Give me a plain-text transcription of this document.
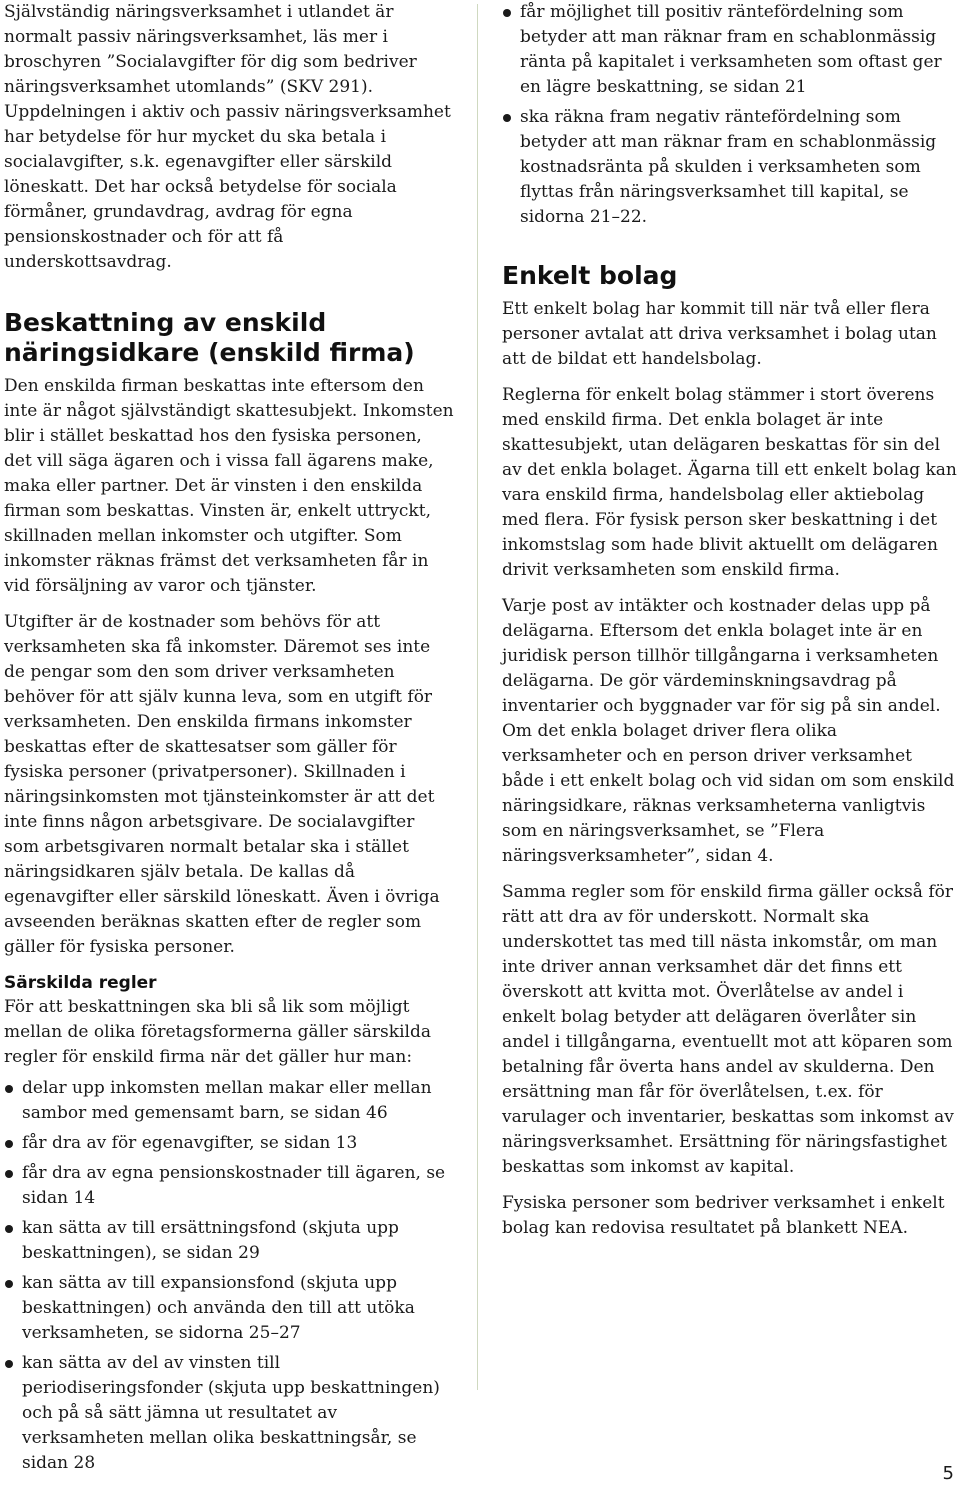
Självständig näringsverksamhet i utlandet är normalt passiv näringsverksamhet, läs mer i broschyren ”Socialavgifter för dig som bedriver näringsverksamhet utomlands” (SKV 291). Uppdelningen i aktiv och passiv näringsverksamhet har betydelse för hur mycket du ska betala i socialavgifter, s.k. egenavgifter eller särskild löneskatt. Det har också betydelse för sociala förmåner, grundavdrag, avdrag för egna pensionskostnader och för att få underskottsavdrag.

Beskattning av enskild näringsidkare (enskild firma)

Den enskilda firman beskattas inte eftersom den inte är något självständigt skattesubjekt. Inkomsten blir i stället beskattad hos den fysiska personen, det vill säga ägaren och i vissa fall ägarens make, maka eller partner. Det är vinsten i den enskilda firman som beskattas. Vinsten är, enkelt uttryckt, skillnaden mellan inkomster och utgifter. Som inkomster räknas främst det verksamheten får in vid försäljning av varor och tjänster.

Utgifter är de kostnader som behövs för att verksamheten ska få inkomster. Däremot ses inte de pengar som den som driver verksamheten behöver för att själv kunna leva, som en utgift för verksamheten. Den enskilda firmans inkomster beskattas efter de skattesatser som gäller för fysiska personer (privatpersoner). Skillnaden i näringsinkomsten mot tjänsteinkomster är att det inte finns någon arbetsgivare. De socialavgifter som arbetsgivaren normalt betalar ska i stället näringsidkaren själv betala. De kallas då egenavgifter eller särskild löneskatt. Även i övriga avseenden beräknas skatten efter de regler som gäller för fysiska personer.

Särskilda regler

För att beskattningen ska bli så lik som möjligt mellan de olika företagsformerna gäller särskilda regler för enskild firma när det gäller hur man:

delar upp inkomsten mellan makar eller mellan sambor med gemensamt barn, se sidan 46
får dra av för egenavgifter, se sidan 13
får dra av egna pensionskostnader till ägaren, se sidan 14
kan sätta av till ersättningsfond (skjuta upp beskattningen), se sidan 29
kan sätta av till expansionsfond (skjuta upp beskattningen) och använda den till att utöka verksamheten, se sidorna 25–27
kan sätta av del av vinsten till periodiseringsfonder (skjuta upp beskattningen) och på så sätt jämna ut resultatet av verksamheten mellan olika beskattningsår, se sidan 28
får möjlighet till positiv räntefördelning som betyder att man räknar fram en schablonmässig ränta på kapitalet i verksamheten som oftast ger en lägre beskattning, se sidan 21
ska räkna fram negativ räntefördelning som betyder att man räknar fram en schablonmässig kostnadsränta på skulden i verksamheten som flyttas från näringsverksamhet till kapital, se sidorna 21–22.
Enkelt bolag

Ett enkelt bolag har kommit till när två eller flera personer avtalat att driva verksamhet i bolag utan att de bildat ett handelsbolag.

Reglerna för enkelt bolag stämmer i stort överens med enskild firma. Det enkla bolaget är inte skattesubjekt, utan delägaren beskattas för sin del av det enkla bolaget. Ägarna till ett enkelt bolag kan vara enskild firma, handelsbolag eller aktiebolag med flera. För fysisk person sker beskattning i det inkomstslag som hade blivit aktuellt om delägaren drivit verksamheten som enskild firma.

Varje post av intäkter och kostnader delas upp på delägarna. Eftersom det enkla bolaget inte är en juridisk person tillhör tillgångarna i verksamheten delägarna. De gör värdeminskningsavdrag på inventarier och byggnader var för sig på sin andel. Om det enkla bolaget driver flera olika verksamheter och en person driver verksamhet både i ett enkelt bolag och vid sidan om som enskild näringsidkare, räknas verksamheterna vanligtvis som en näringsverksamhet, se ”Flera näringsverksamheter”, sidan 4.

Samma regler som för enskild firma gäller också för rätt att dra av för underskott. Normalt ska underskottet tas med till nästa inkomstår, om man inte driver annan verksamhet där det finns ett överskott att kvitta mot. Överlåtelse av andel i enkelt bolag betyder att delägaren överlåter sin andel i tillgångarna, eventuellt mot att köparen som betalning får överta hans andel av skulderna. Den ersättning man får för överlåtelsen, t.ex. för varulager och inventarier, beskattas som inkomst av näringsverksamhet. Ersättning för näringsfastighet beskattas som inkomst av kapital.

Fysiska personer som bedriver verksamhet i enkelt bolag kan redovisa resultatet på blankett NEA.

5
